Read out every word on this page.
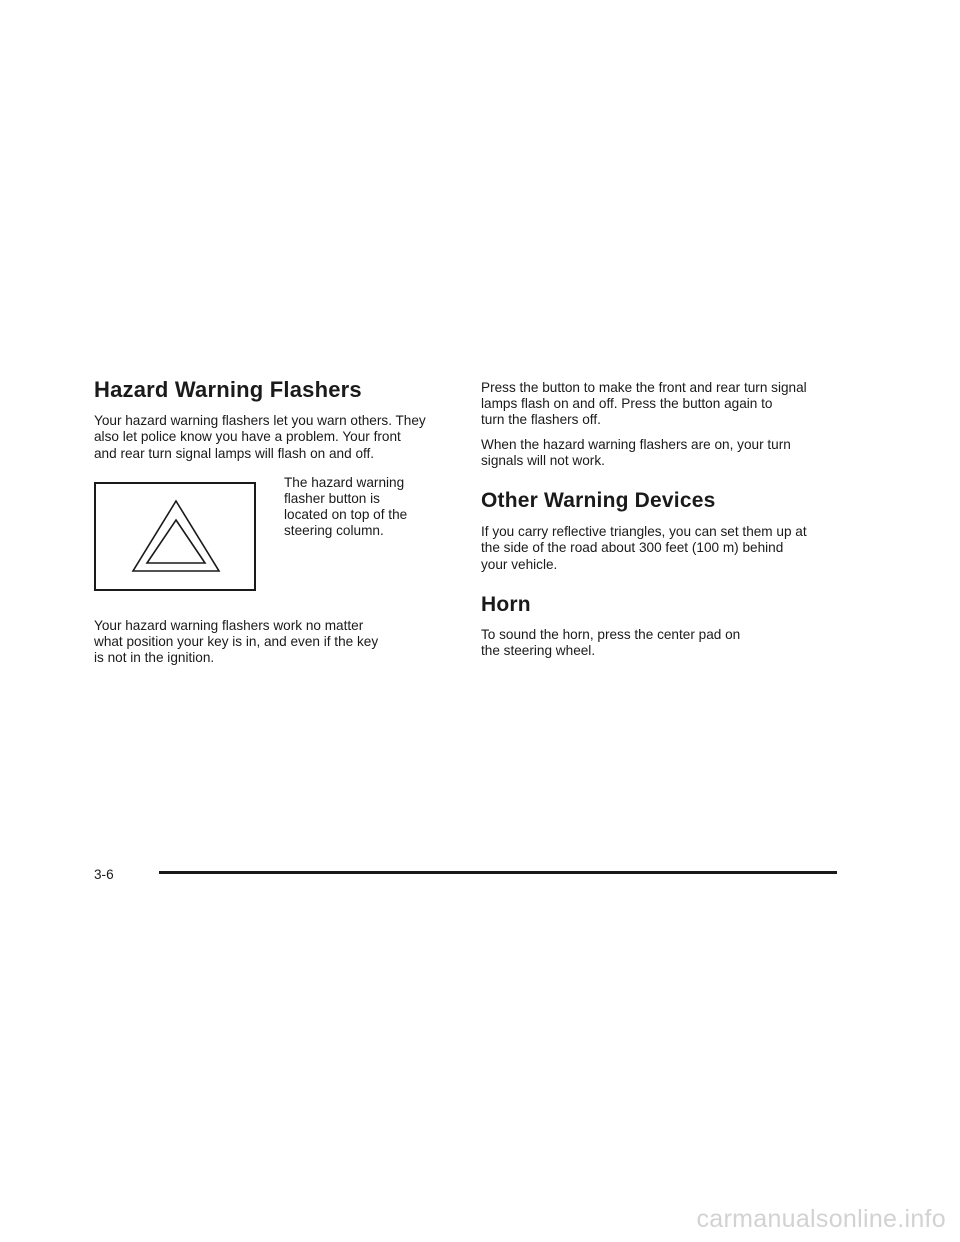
Hazard Warning Flashers

Your hazard warning flashers let you warn others. They
also let police know you have a problem. Your front
and rear turn signal lamps will flash on and off.

The hazard warning
flasher button is
located on top of the
steering column.

Your hazard warning flashers work no matter
what position your key is in, and even if the key
is not in the ignition.

Press the button to make the front and rear turn signal
lamps flash on and off. Press the button again to
turn the flashers off.

When the hazard warning flashers are on, your turn
signals will not work.

Other Warning Devices

If you carry reflective triangles, you can set them up at
the side of the road about 300 feet (100 m) behind
your vehicle.

Horn

To sound the horn, press the center pad on
the steering wheel.

3-6
carmanualsonline.info
